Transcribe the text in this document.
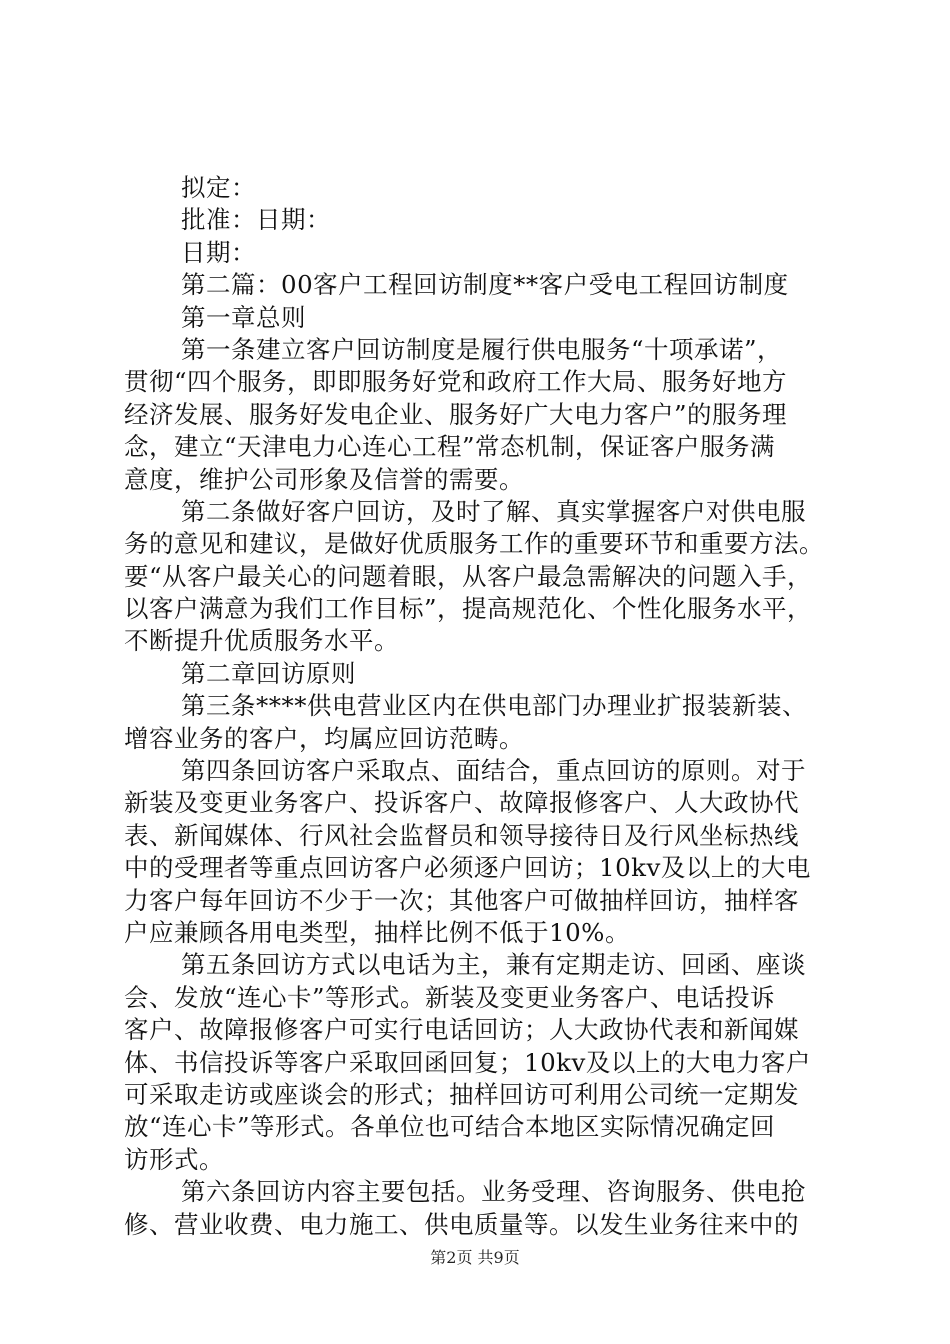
拟定：
批准：日期：
日期：
第二篇：00客户工程回访制度**客户受电工程回访制度
第一章总则
第一条建立客户回访制度是履行供电服务“十项承诺”，
贯彻“四个服务，即即服务好党和政府工作大局、服务好地方
经济发展、服务好发电企业、服务好广大电力客户”的服务理
念，建立“天津电力心连心工程”常态机制，保证客户服务满
意度，维护公司形象及信誉的需要。
第二条做好客户回访，及时了解、真实掌握客户对供电服
务的意见和建议，是做好优质服务工作的重要环节和重要方法。
要“从客户最关心的问题着眼，从客户最急需解决的问题入手，
以客户满意为我们工作目标”，提高规范化、个性化服务水平，
不断提升优质服务水平。
第二章回访原则
第三条****供电营业区内在供电部门办理业扩报装新装、
增容业务的客户，均属应回访范畴。
第四条回访客户采取点、面结合，重点回访的原则。对于
新装及变更业务客户、投诉客户、故障报修客户、人大政协代
表、新闻媒体、行风社会监督员和领导接待日及行风坐标热线
中的受理者等重点回访客户必须逐户回访；10kv及以上的大电
力客户每年回访不少于一次；其他客户可做抽样回访，抽样客
户应兼顾各用电类型，抽样比例不低于10%。
第五条回访方式以电话为主，兼有定期走访、回函、座谈
会、发放“连心卡”等形式。新装及变更业务客户、电话投诉
客户、故障报修客户可实行电话回访；人大政协代表和新闻媒
体、书信投诉等客户采取回函回复；10kv及以上的大电力客户
可采取走访或座谈会的形式；抽样回访可利用公司统一定期发
放“连心卡”等形式。各单位也可结合本地区实际情况确定回
访形式。
第六条回访内容主要包括。业务受理、咨询服务、供电抢
修、营业收费、电力施工、供电质量等。以发生业务往来中的
第2页 共9页
